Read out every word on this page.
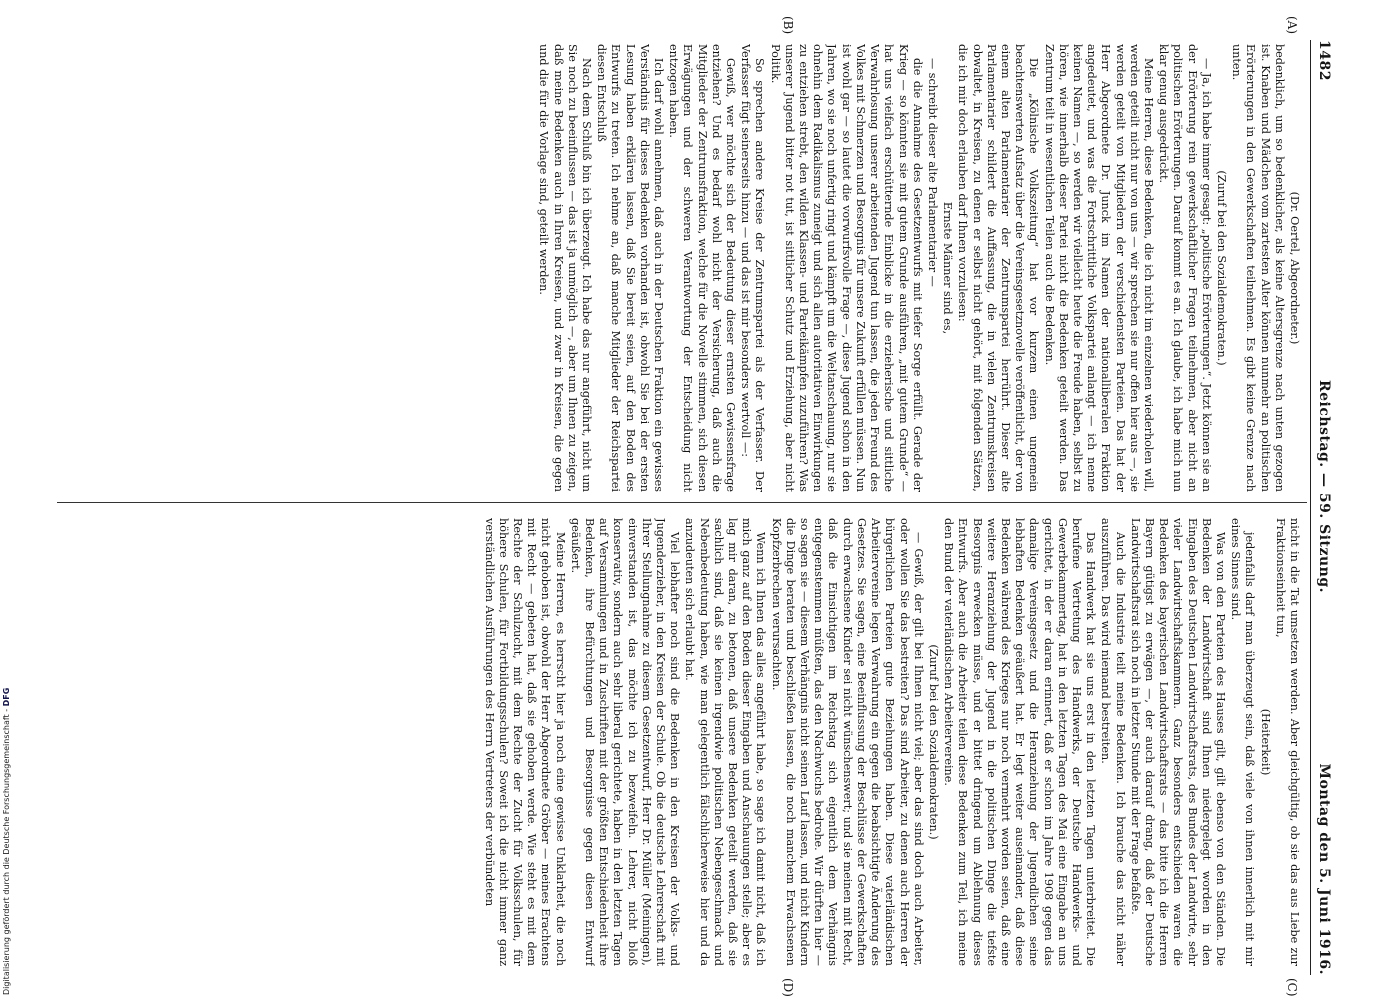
1482
Reichstag. — 59. Sitzung.
Montag den 5. Juni 1916.
(A)
(B)
(C)
(D)

(Dr. Oertel, Abgeordneter.)

bedenklich, um so bedenklicher, als keine Altersgrenze nach unten gezogen ist. Knaben und Mädchen vom zartesten Alter können nunmehr an politischen Erörterungen in den Gewerkschaften teilnehmen. Es gibt keine Grenze nach unten.

(Zuruf bei den Sozialdemokraten.)

— Ja, ich habe immer gesagt: „politische Erörterungen“. Jetzt können sie an der Erörterung rein gewerkschaftlicher Fragen teilnehmen, aber nicht an politischen Erörterungen. Darauf kommt es an. Ich glaube, ich habe mich nun klar genug ausgedrückt.

Meine Herren, diese Bedenken, die ich nicht im einzelnen wiederholen will, werden geteilt nicht nur von uns — wir sprechen sie nur offen hier aus —, sie werden geteilt von Mitgliedern der verschiedensten Parteien. Das hat der Herr Abgeordnete Dr. Junck im Namen der nationalliberalen Fraktion angedeutet, und was die Fortschrittliche Volkspartei anlangt — ich nenne keinen Namen —, so werden wir vielleicht heute die Freude haben, selbst zu hören, wie innerhalb dieser Partei nicht die Bedenken geteilt werden. Das Zentrum teilt in wesentlichen Teilen auch die Bedenken.

Die „Kölnische Volkszeitung“ hat vor kurzem einen ungemein beachtenswerten Aufsatz über die Vereinsgesetznovelle veröffentlicht, der von einem alten Parlamentarier der Zentrumspartei herrührt. Dieser alte Parlamentarier schildert die Auffassung, die in vielen Zentrumskreisen obwaltet, in Kreisen, zu denen er selbst nicht gehört, mit folgenden Sätzen, die ich mir doch erlauben darf Ihnen vorzulesen:

Ernste Männer sind es,

— schreibt dieser alte Parlamentarier —

die die Annahme des Gesetzentwurfs mit tiefer Sorge erfüllt. Gerade der Krieg — so könnten sie mit gutem Grunde ausführen, „mit gutem Grunde“ — hat uns vielfach erschütternde Einblicke in die erzieherische und sittliche Verwahrlosung unserer arbeitenden Jugend tun lassen, die jeden Freund des Volkes mit Schmerzen und Besorgnis für unsere Zukunft erfüllen müssen. Nun ist wohl gar — so lautet die vorwurfsvolle Frage —, diese Jugend schon in den Jahren, wo sie noch unfertig ringt und kämpft um die Weltanschauung, nur sie ohnehin dem Radikalismus zuneigt und sich allen autoritativen Einwirkungen zu entziehen strebt, den wilden Klassen- und Parteikämpfen zuzuführen? Was unserer Jugend bitter not tut, ist sittlicher Schutz und Erziehung, aber nicht Politik.

So sprechen andere Kreise der Zentrumspartei als der Verfasser. Der Verfasser fügt seinerseits hinzu — und das ist mir besonders wertvoll —:

Gewiß, wer möchte sich der Bedeutung dieser ernsten Gewissensfrage entziehen? Und es bedarf wohl nicht der Versicherung, daß auch die Mitglieder der Zentrumsfraktion, welche für die Novelle stimmen, sich diesen Erwägungen und der schweren Verantwortung der Entscheidung nicht entzogen haben.

Ich darf wohl annehmen, daß auch in der Deutschen Fraktion ein gewisses Verständnis für dieses Bedenken vorhanden ist, obwohl Sie bei der ersten Lesung haben erklären lassen, daß Sie bereit seien, auf den Boden des Entwurfs zu treten. Ich nehme an, daß manche Mitglieder der Reichspartei diesen Entschluß

Nach dem Schluß bin ich überzeugt. Ich habe das nur angeführt, nicht um Sie noch zu beeinflussen — das ist ja unmöglich —, aber um Ihnen zu zeigen, daß meine Bedenken auch in Ihren Kreisen, und zwar in Kreisen, die gegen und die für die Vorlage sind, geteilt werden.

nicht in die Tat umsetzen werden. Aber gleichgültig, ob sie das aus Liebe zur Fraktionseinheit tun,

(Heiterkeit)

jedenfalls darf man überzeugt sein, daß viele von ihnen innerlich mit mir eines Sinnes sind.

Was von den Parteien des Hauses gilt, gilt ebenso von den Ständen. Die Bedenken der Landwirtschaft sind Ihnen niedergelegt worden in den Eingaben des Deutschen Landwirtschaftsrats, des Bundes der Landwirte, sehr vieler Landwirtschaftskammern. Ganz besonders entschieden waren die Bedenken des bayerischen Landwirtschaftsrats — das bitte ich die Herren Bayern gütigst zu erwägen —, der auch darauf drang, daß der Deutsche Landwirtschaftsrat sich noch in letzter Stunde mit der Frage befaßte.

Auch die Industrie teilt meine Bedenken. Ich brauche das nicht näher auszuführen. Das wird niemand bestreiten.

Das Handwerk hat sie uns erst in den letzten Tagen unterbreitet. Die berufene Vertretung des Handwerks, der Deutsche Handwerks- und Gewerbekammertag, hat in den letzten Tagen des Mai eine Eingabe an uns gerichtet, in der er daran erinnert, daß er schon im Jahre 1908 gegen das damalige Vereinsgesetz und die Heranziehung der Jugendlichen seine lebhaften Bedenken geäußert hat. Er legt weiter auseinander, daß diese Bedenken während des Krieges nur noch vermehrt worden seien, daß eine weitere Heranziehung der Jugend in die politischen Dinge die tiefste Besorgnis erwecken müsse, und er bittet dringend um Ablehnung dieses Entwurfs. Aber auch die Arbeiter teilen diese Bedenken zum Teil, ich meine den Bund der vaterländischen Arbeitervereine.

(Zuruf bei den Sozialdemokraten.)

— Gewiß, der gilt bei Ihnen nicht viel; aber das sind doch auch Arbeiter, oder wollen Sie das bestreiten? Das sind Arbeiter, zu denen auch Herren der bürgerlichen Parteien gute Beziehungen haben. Diese vaterländischen Arbeitervereine legen Verwahrung ein gegen die beabsichtigte Änderung des Gesetzes. Sie sagen, eine Beeinflussung der Beschlüsse der Gewerkschaften durch erwachsene Kinder sei nicht wünschenswert; und sie meinen mit Recht, daß die Einsichtigen im Reichstag sich eigentlich dem Verhängnis entgegenstemmen müßten, das den Nachwuchs bedrohe. Wir dürften hier — so sagen sie — diesem Verhängnis nicht seinen Lauf lassen, und nicht Kindern die Dinge beraten und beschließen lassen, die noch manchem Erwachsenen Kopfzerbrechen verursachten.

Wenn ich Ihnen das alles angeführt habe, so sage ich damit nicht, daß ich mich ganz auf den Boden dieser Eingaben und Anschauungen stelle; aber es lag mir daran, zu betonen, daß unsere Bedenken geteilt werden, daß sie sachlich sind, daß sie keinen irgendwie politischen Nebengeschmack und Nebenbedeutung haben, wie man gelegentlich fälschlicherweise hier und da anzudeuten sich erlaubt hat.

Viel lebhafter noch sind die Bedenken in den Kreisen der Volks- und Jugenderzieher, in den Kreisen der Schule. Ob die deutsche Lehrerschaft mit Ihrer Stellungnahme zu diesem Gesetzentwurf, Herr Dr. Müller (Meiningen), einverstanden ist, das möchte ich zu bezweifeln. Lehrer, nicht bloß konservativ, sondern auch sehr liberal gerichtete, haben in den letzten Tagen auf Versammlungen und in Zuschriften mit der größten Entschiedenheit ihre Bedenken, ihre Befürchtungen und Besorgnisse gegen diesen Entwurf geäußert.

Meine Herren, es herrscht hier ja noch eine gewisse Unklarheit, die noch nicht gehoben ist, obwohl der Herr Abgeordnete Gröber — meines Erachtens mit Recht — gebeten hat, daß sie gehoben werde. Wie steht es mit dem Rechte der Schulzucht, mit dem Rechte der Zucht für Volksschulen, für höhere Schulen, für Fortbildungsschulen? Soweit ich die nicht immer ganz verständlichen Ausführungen des Herrn Vertreters der verbündeten

Digitalisierung gefördert durch die Deutsche Forschungsgemeinschaft - DFG
